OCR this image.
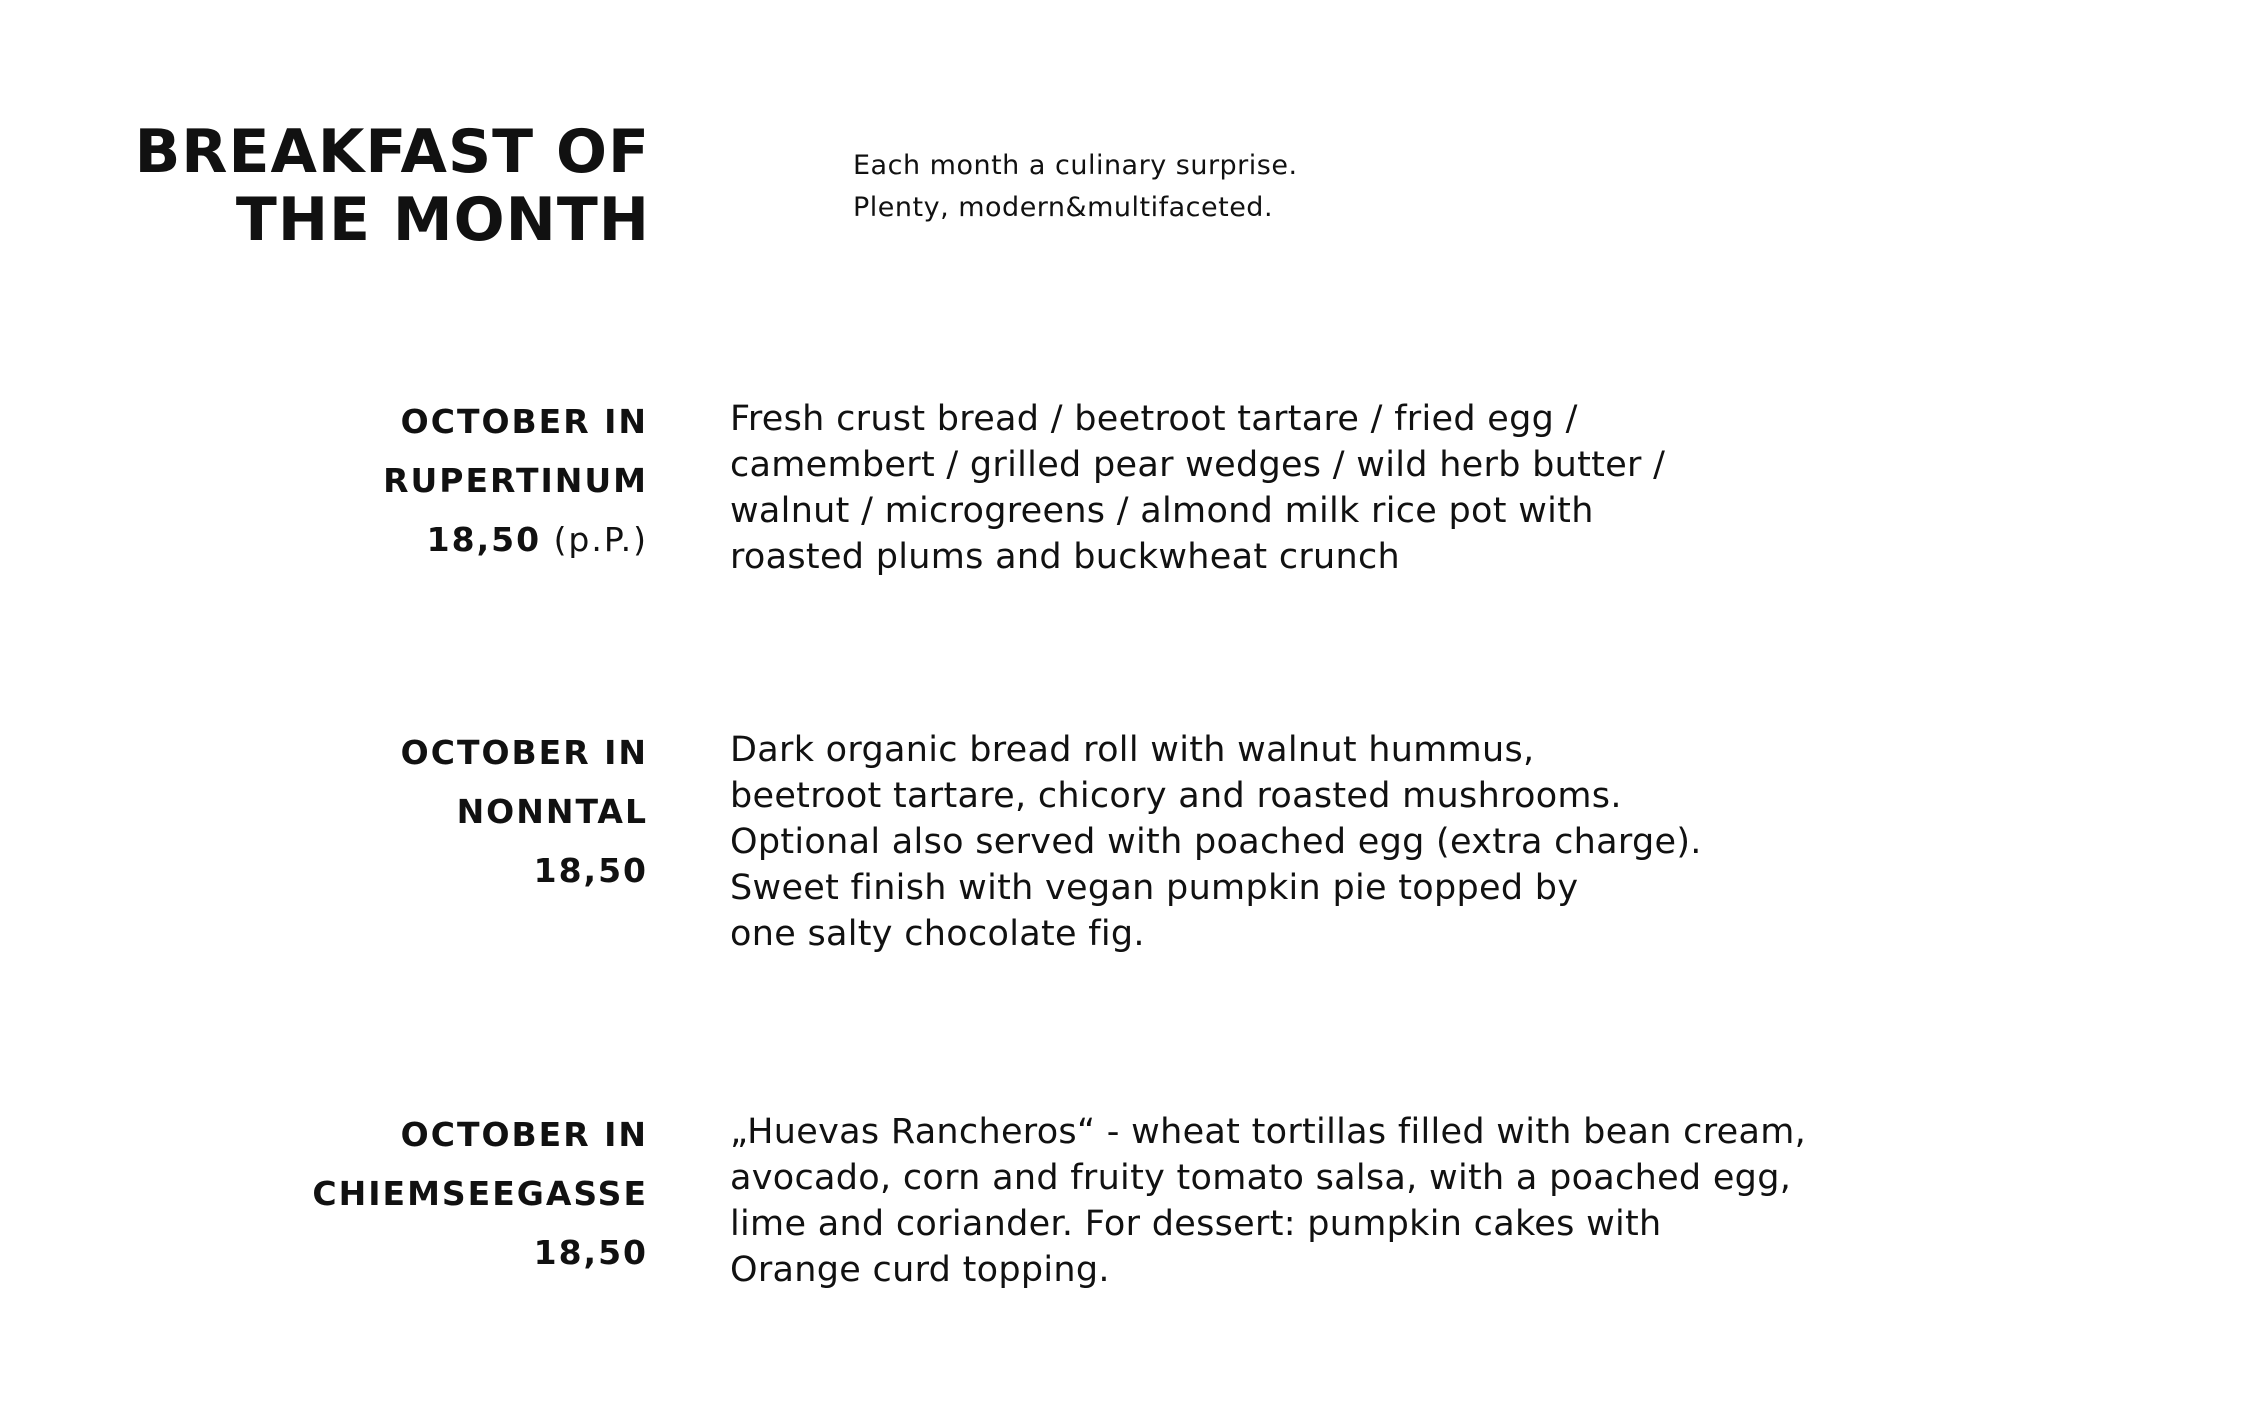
BREAKFAST OF
THE MONTH
Each month a culinary surprise.
Plenty, modern&multifaceted.
OCTOBER IN
RUPERTINUM
18,50 (p.P.)
Fresh crust bread / beetroot tartare / fried egg /
camembert / grilled pear wedges / wild herb butter /
walnut / microgreens / almond milk rice pot with
roasted plums and buckwheat crunch
OCTOBER IN
NONNTAL
18,50
Dark organic bread roll with walnut hummus,
beetroot tartare, chicory and roasted mushrooms.
Optional also served with poached egg (extra charge).
Sweet finish with vegan pumpkin pie topped by
one salty chocolate fig.
OCTOBER IN
CHIEMSEEGASSE
18,50
„Huevas Rancheros“ - wheat tortillas filled with bean cream,
avocado, corn and fruity tomato salsa, with a poached egg,
lime and coriander. For dessert: pumpkin cakes with
Orange curd topping.
